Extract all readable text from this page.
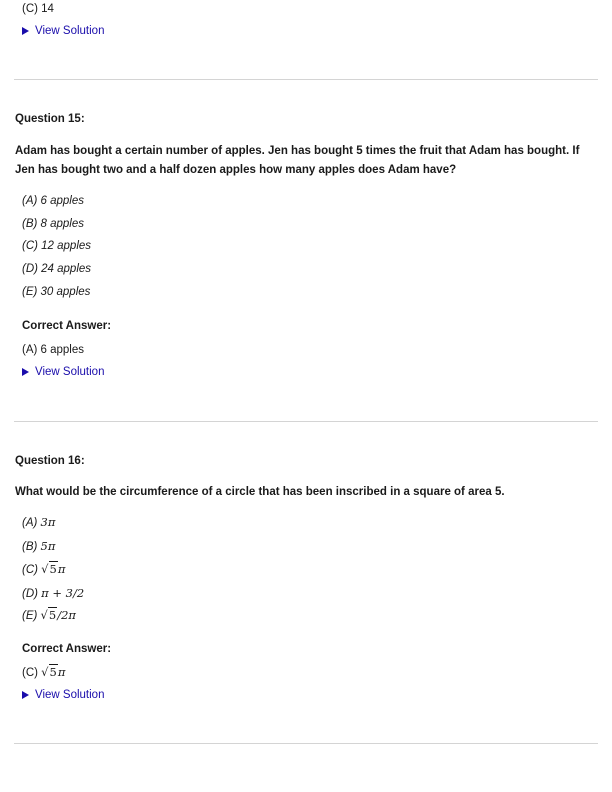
(C) 14
View Solution
Question 15:
Adam has bought a certain number of apples. Jen has bought 5 times the fruit that Adam has bought. If Jen has bought two and a half dozen apples how many apples does Adam have?
(A) 6 apples
(B) 8 apples
(C) 12 apples
(D) 24 apples
(E) 30 apples
Correct Answer:
(A) 6 apples
View Solution
Question 16:
What would be the circumference of a circle that has been inscribed in a square of area 5.
(A) 3π
(B) 5π
(C) √5π
(D) π + 3/2
(E) √5/2π
Correct Answer:
(C) √5π
View Solution
